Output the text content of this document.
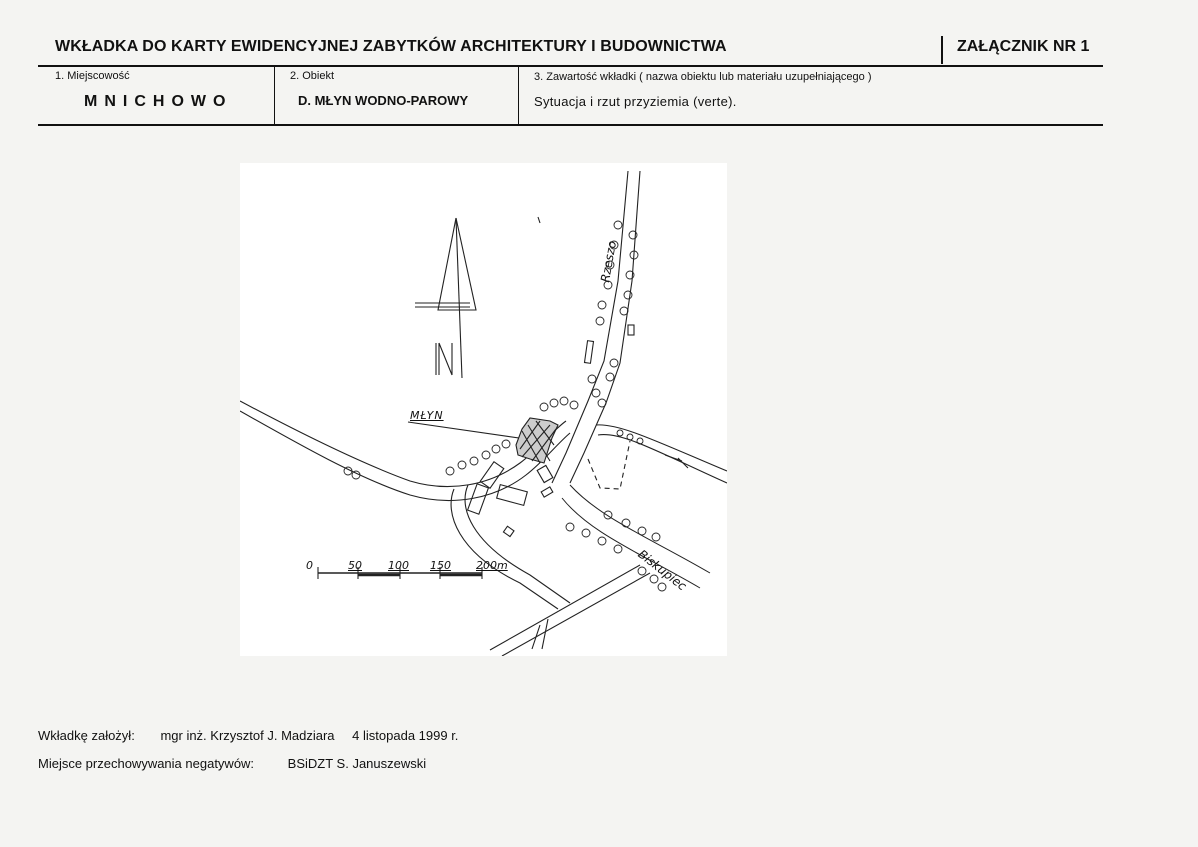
WKŁADKA DO KARTY EWIDENCYJNEJ ZABYTKÓW ARCHITEKTURY I BUDOWNICTWA	ZAŁĄCZNIK NR 1
1. Miejscowość
MNICHOWO
2. Obiekt
D. MŁYN WODNO-PAROWY
3. Zawartość wkładki ( nazwa obiektu lub materiału uzupełniającego )
Sytuacja i rzut przyziemia (verte).
MŁYN
Rzeszo
Biskupiec
0	50 100 150 200m
Wkładkę założył: mgr inż. Krzysztof J. Madziara 4 listopada 1999 r.
Miejsce przechowywania negatywów:	BSiDZT S. Januszewski
